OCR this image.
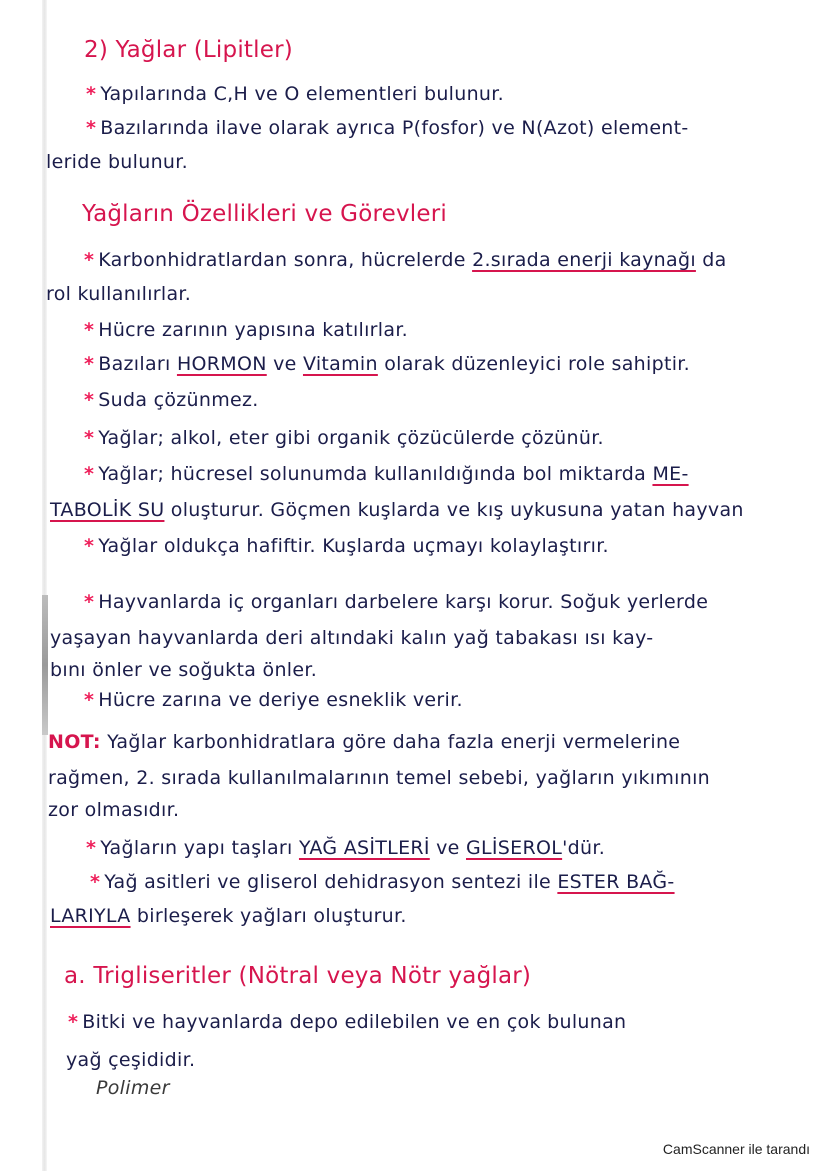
2) Yağlar (Lipitler)
* Yapılarında C,H ve O elementleri bulunur.
* Bazılarında ilave olarak ayrıca P(fosfor) ve N(Azot) element-
leride bulunur.
Yağların Özellikleri ve Görevleri
* Karbonhidratlardan sonra, hücrelerde 2.sırada enerji kaynağı da
rol kullanılırlar.
* Hücre zarının yapısına katılırlar.
* Bazıları HORMON ve Vitamin olarak düzenleyici role sahiptir.
* Suda çözünmez.
* Yağlar; alkol, eter gibi organik çözücülerde çözünür.
* Yağlar; hücresel solunumda kullanıldığında bol miktarda ME-
TABOLİK SU oluşturur. Göçmen kuşlarda ve kış uykusuna yatan hayvan
* Yağlar oldukça hafiftir. Kuşlarda uçmayı kolaylaştırır.
* Hayvanlarda iç organları darbelere karşı korur. Soğuk yerlerde
yaşayan hayvanlarda deri altındaki kalın yağ tabakası ısı kay-
bını önler ve soğukta önler.
* Hücre zarına ve deriye esneklik verir.
NOT: Yağlar karbonhidratlara göre daha fazla enerji vermelerine
rağmen, 2. sırada kullanılmalarının temel sebebi, yağların yıkımının
zor olmasıdır.
* Yağların yapı taşları YAĞ ASİTLERİ ve GLİSEROL'dür.
* Yağ asitleri ve gliserol dehidrasyon sentezi ile ESTER BAĞ-
LARIYLA birleşerek yağları oluşturur.
a. Trigliseritler (Nötral veya Nötr yağlar)
* Bitki ve hayvanlarda depo edilebilen ve en çok bulunan
yağ çeşididir.
Polimer
CamScanner ile tarandı
